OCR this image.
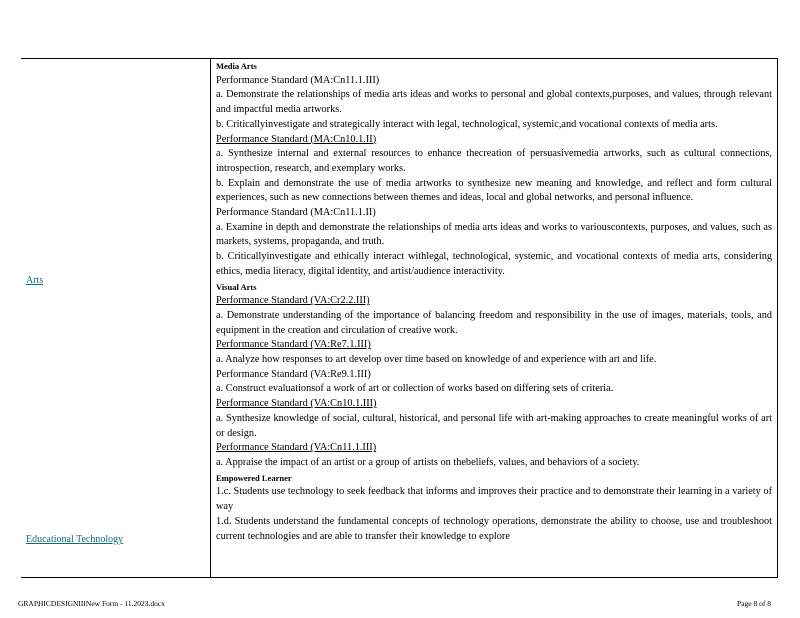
Arts
Educational Technology

Media Arts

Performance Standard (MA:Cn11.1.III)

a. Demonstrate the relationships of media arts ideas and works to personal and global contexts,purposes, and values, through relevant and impactful media artworks.

b. Criticallyinvestigate and strategically interact with legal, technological, systemic,and vocational contexts of media arts.

Performance Standard (MA:Cn10.1.II)

a. Synthesize internal and external resources to enhance thecreation of persuasivemedia artworks, such as cultural connections, introspection, research, and exemplary works.

b. Explain and demonstrate the use of media artworks to synthesize new meaning and knowledge, and reflect and form cultural experiences, such as new connections between themes and ideas, local and global networks, and personal influence.

Performance Standard (MA:Cn11.1.II)

a. Examine in depth and demonstrate the relationships of media arts ideas and works to variouscontexts, purposes, and values, such as markets, systems, propaganda, and truth.

b. Criticallyinvestigate and ethically interact withlegal, technological, systemic, and vocational contexts of media arts, considering ethics, media literacy, digital identity, and artist/audience interactivity.

Visual Arts

Performance Standard (VA:Cr2.2.III)

a. Demonstrate understanding of the importance of balancing freedom and responsibility in the use of images, materials, tools, and equipment in the creation and circulation of creative work.

Performance Standard (VA:Re7.1.III)

a. Analyze how responses to art develop over time based on knowledge of and experience with art and life.

Performance Standard (VA:Re9.1.III)

a. Construct evaluationsof a work of art or collection of works based on differing sets of criteria.

Performance Standard (VA:Cn10.1.III)

a. Synthesize knowledge of social, cultural, historical, and personal life with art-making approaches to create meaningful works of art or design.

Performance Standard (VA:Cn11.1.III)

a. Appraise the impact of an artist or a group of artists on thebeliefs, values, and behaviors of a society.

Empowered Learner

1.c. Students use technology to seek feedback that informs and improves their practice and to demonstrate their learning in a variety of way

1.d. Students understand the fundamental concepts of technology operations, demonstrate the ability to choose, use and troubleshoot current technologies and are able to transfer their knowledge to explore

GRAPHICDESIGNIIINew Form - 11.2023.docx	Page 8 of 8
